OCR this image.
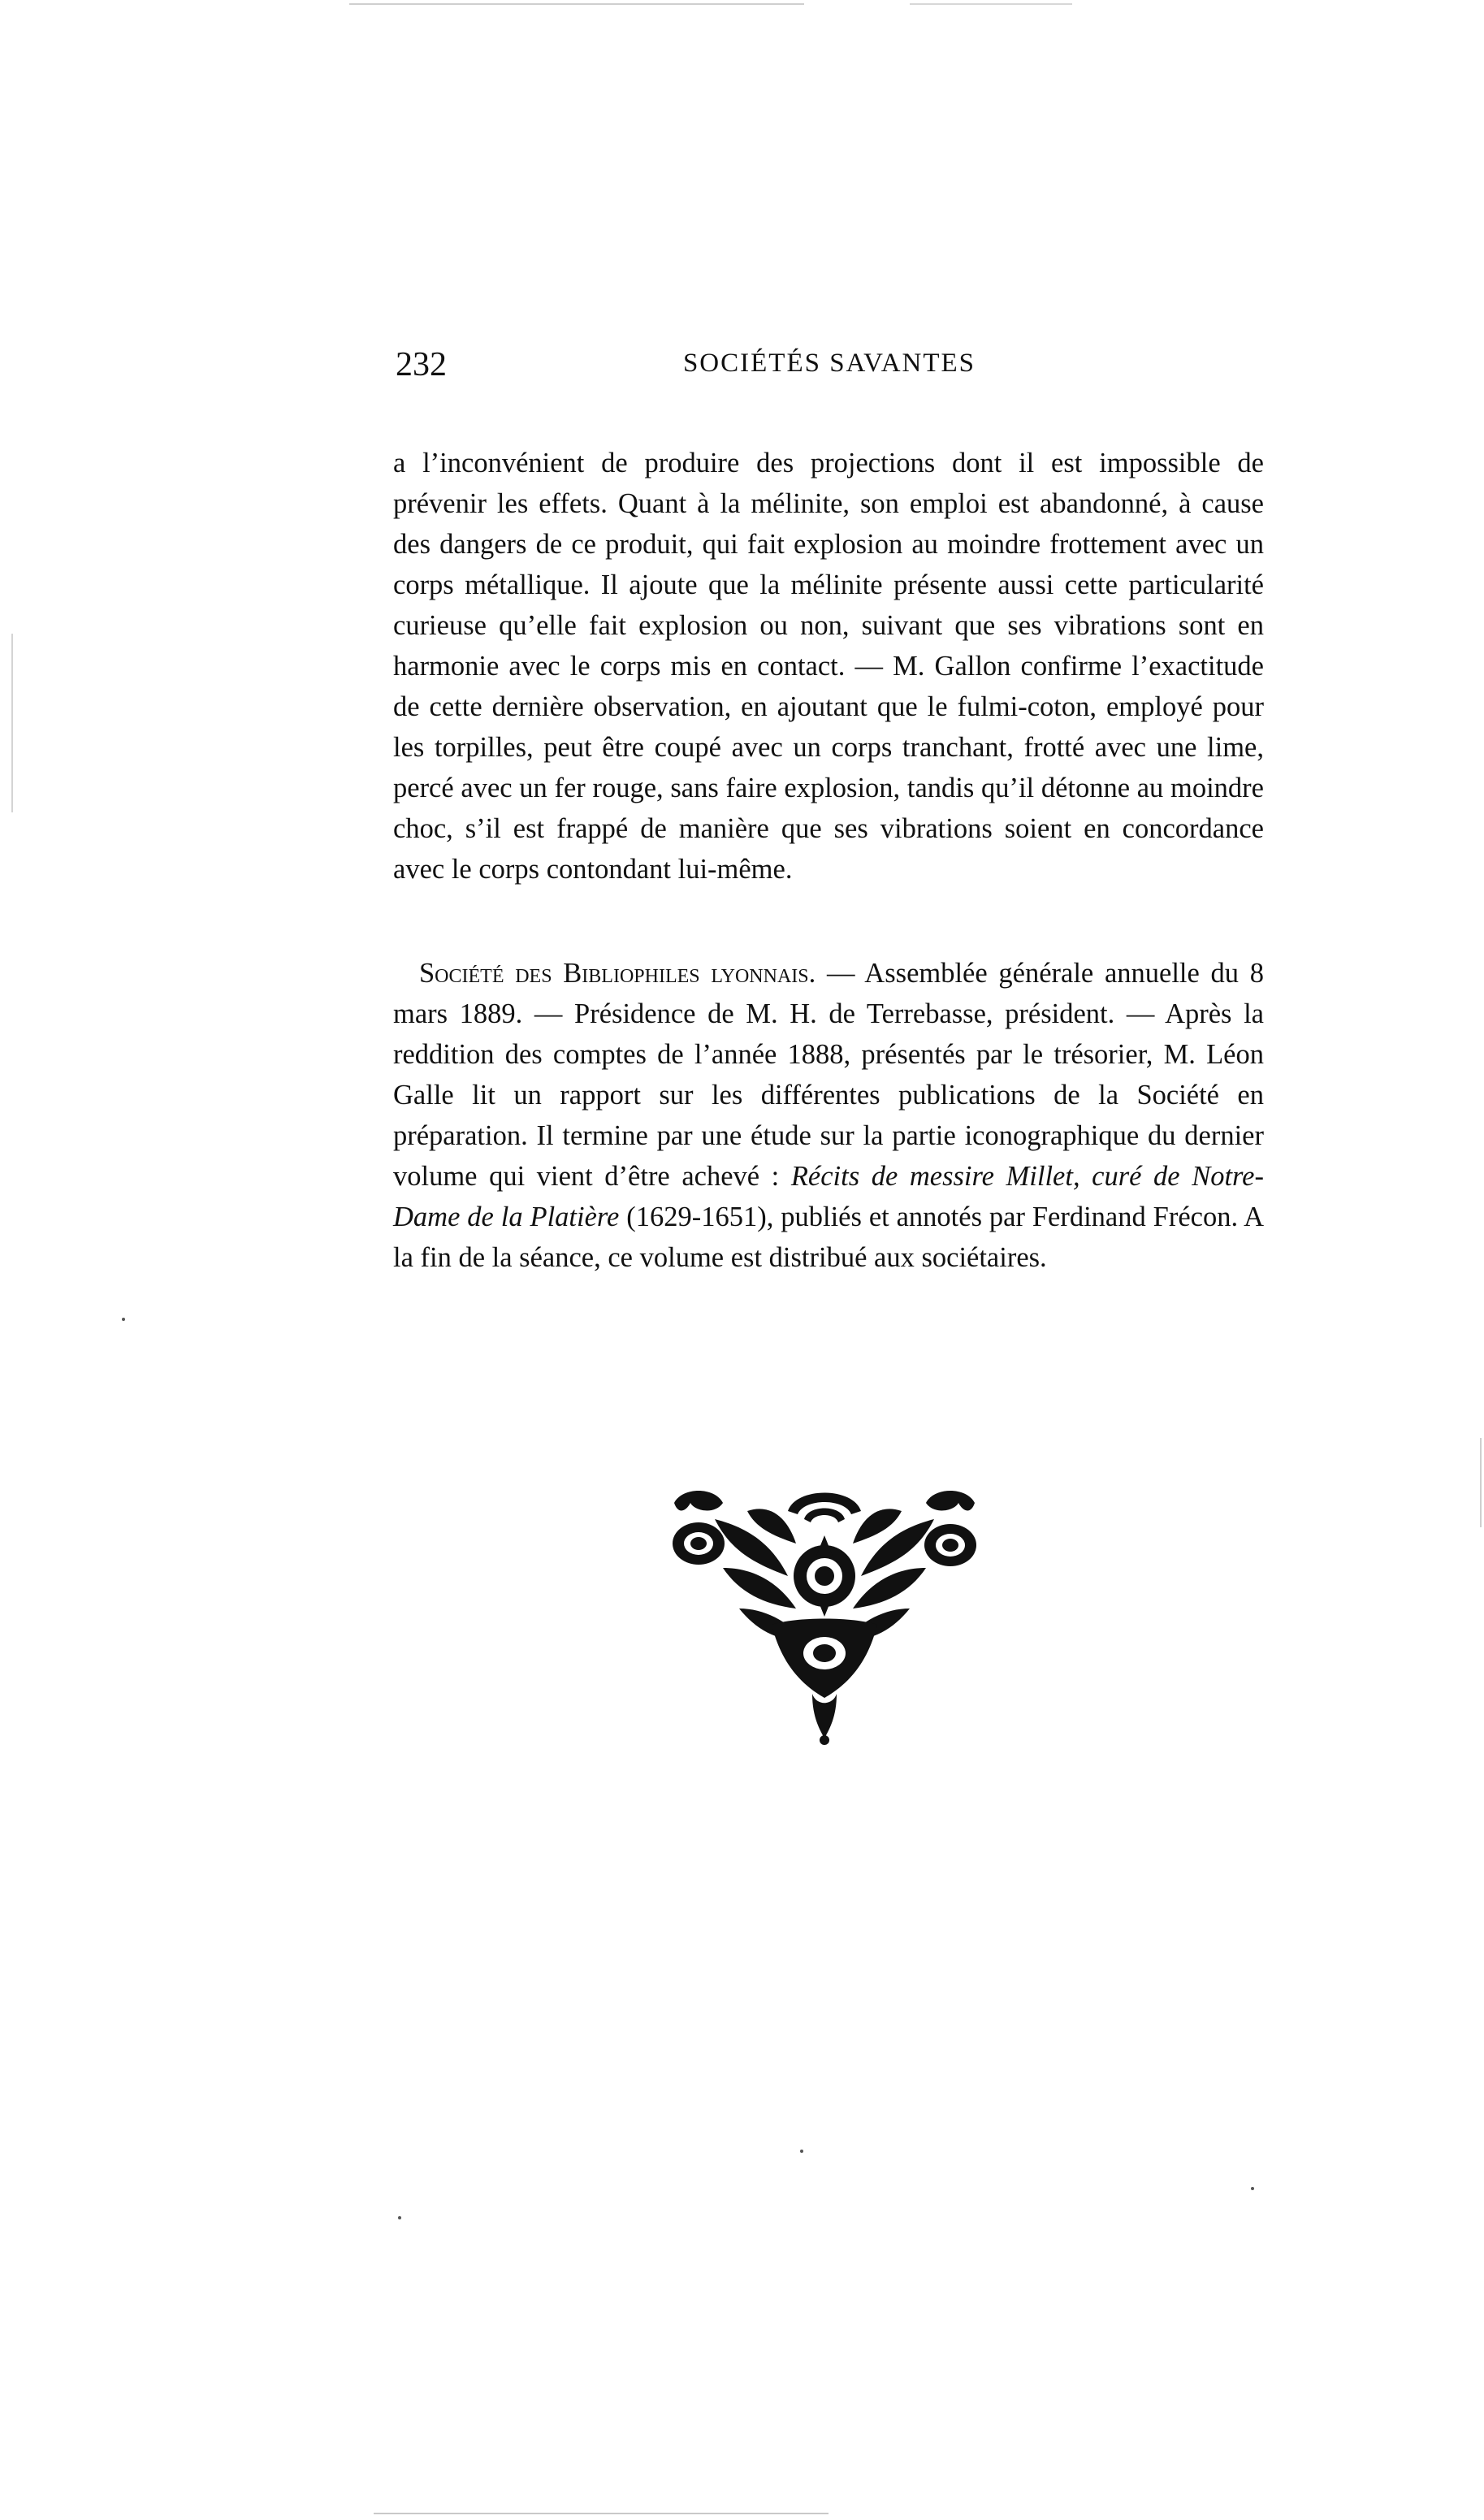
232	SOCIÉTÉS SAVANTES

a l’inconvénient de produire des projections dont il est impossible de prévenir les effets. Quant à la mélinite, son emploi est abandonné, à cause des dangers de ce produit, qui fait explosion au moindre frottement avec un corps métallique. Il ajoute que la mélinite présente aussi cette particularité curieuse qu’elle fait explosion ou non, suivant que ses vibrations sont en harmonie avec le corps mis en contact. — M. Gallon confirme l’exactitude de cette dernière observation, en ajoutant que le fulmi-coton, employé pour les torpilles, peut être coupé avec un corps tranchant, frotté avec une lime, percé avec un fer rouge, sans faire explosion, tandis qu’il détonne au moindre choc, s’il est frappé de manière que ses vibrations soient en concordance avec le corps contondant lui-même.

Société des Bibliophiles lyonnais. — Assemblée générale annuelle du 8 mars 1889. — Présidence de M. H. de Terrebasse, président. — Après la reddition des comptes de l’année 1888, présentés par le trésorier, M. Léon Galle lit un rapport sur les différentes publications de la Société en préparation. Il termine par une étude sur la partie iconographique du dernier volume qui vient d’être achevé : Récits de messire Millet, curé de Notre-Dame de la Platière (1629-1651), publiés et annotés par Ferdinand Frécon. A la fin de la séance, ce volume est distribué aux sociétaires.
